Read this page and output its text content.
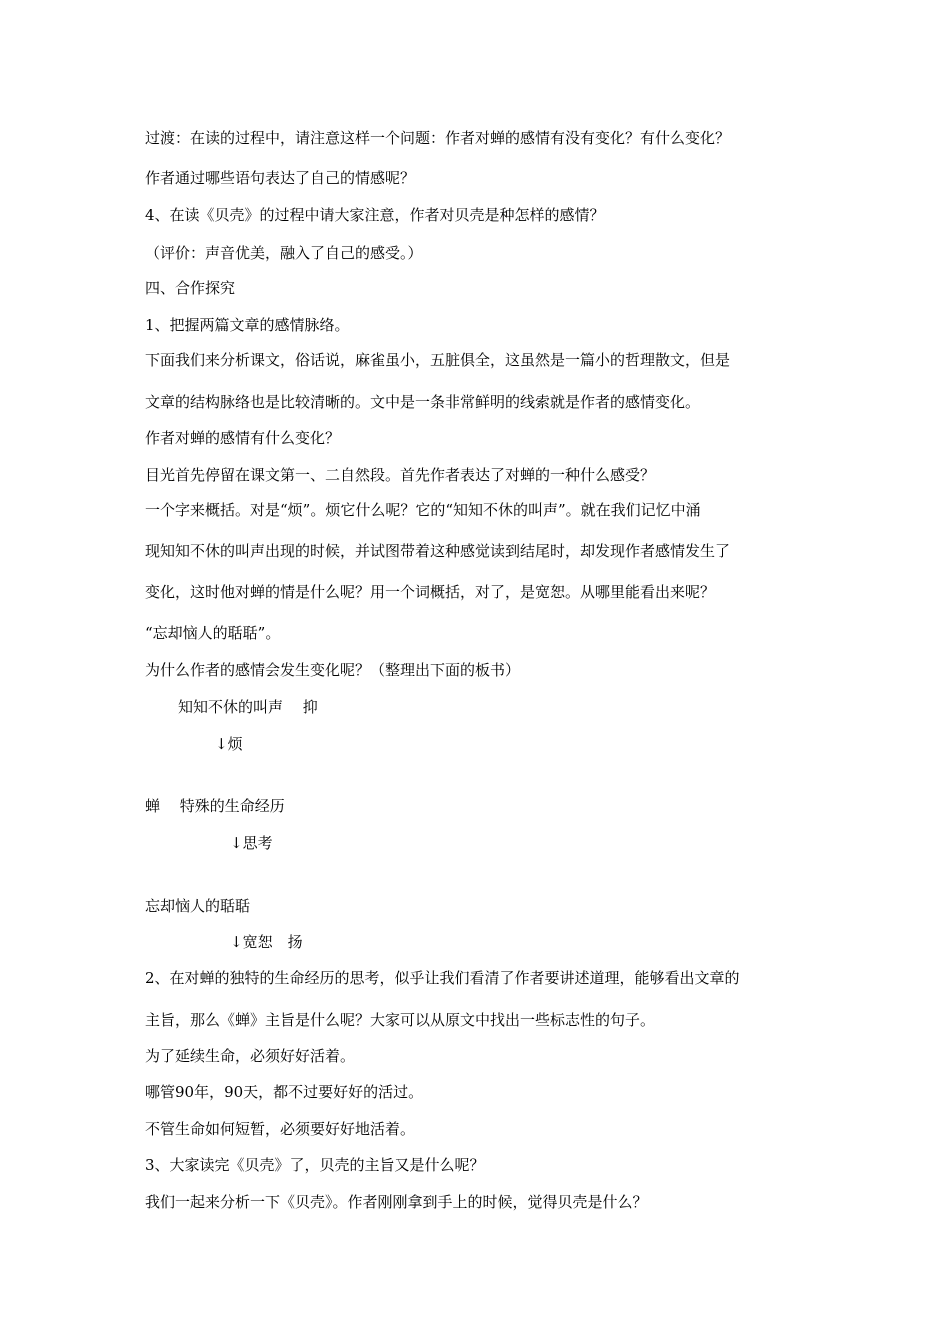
过渡：在读的过程中，请注意这样一个问题：作者对蝉的感情有没有变化？有什么变化？
作者通过哪些语句表达了自己的情感呢？
4、在读《贝壳》的过程中请大家注意，作者对贝壳是种怎样的感情？
（评价：声音优美，融入了自己的感受。）
四、合作探究
1、把握两篇文章的感情脉络。
下面我们来分析课文，俗话说，麻雀虽小，五脏俱全，这虽然是一篇小的哲理散文，但是
文章的结构脉络也是比较清晰的。文中是一条非常鲜明的线索就是作者的感情变化。
作者对蝉的感情有什么变化？
目光首先停留在课文第一、二自然段。首先作者表达了对蝉的一种什么感受？
一个字来概括。对是“烦”。烦它什么呢？它的“知知不休的叫声”。就在我们记忆中涌
现知知不休的叫声出现的时候，并试图带着这种感觉读到结尾时，却发现作者感情发生了
变化，这时他对蝉的情是什么呢？用一个词概括，对了，是宽恕。从哪里能看出来呢？
“忘却恼人的聒聒”。
为什么作者的感情会发生变化呢？（整理出下面的板书）
知知不休的叫声　 抑
↓烦
蝉　 特殊的生命经历
↓思考
忘却恼人的聒聒
↓宽恕　扬
2、在对蝉的独特的生命经历的思考，似乎让我们看清了作者要讲述道理，能够看出文章的
主旨，那么《蝉》主旨是什么呢？大家可以从原文中找出一些标志性的句子。
为了延续生命，必须好好活着。
哪管90年，90天，都不过要好好的活过。
不管生命如何短暂，必须要好好地活着。
3、大家读完《贝壳》了，贝壳的主旨又是什么呢？
我们一起来分析一下《贝壳》。作者刚刚拿到手上的时候，觉得贝壳是什么？
